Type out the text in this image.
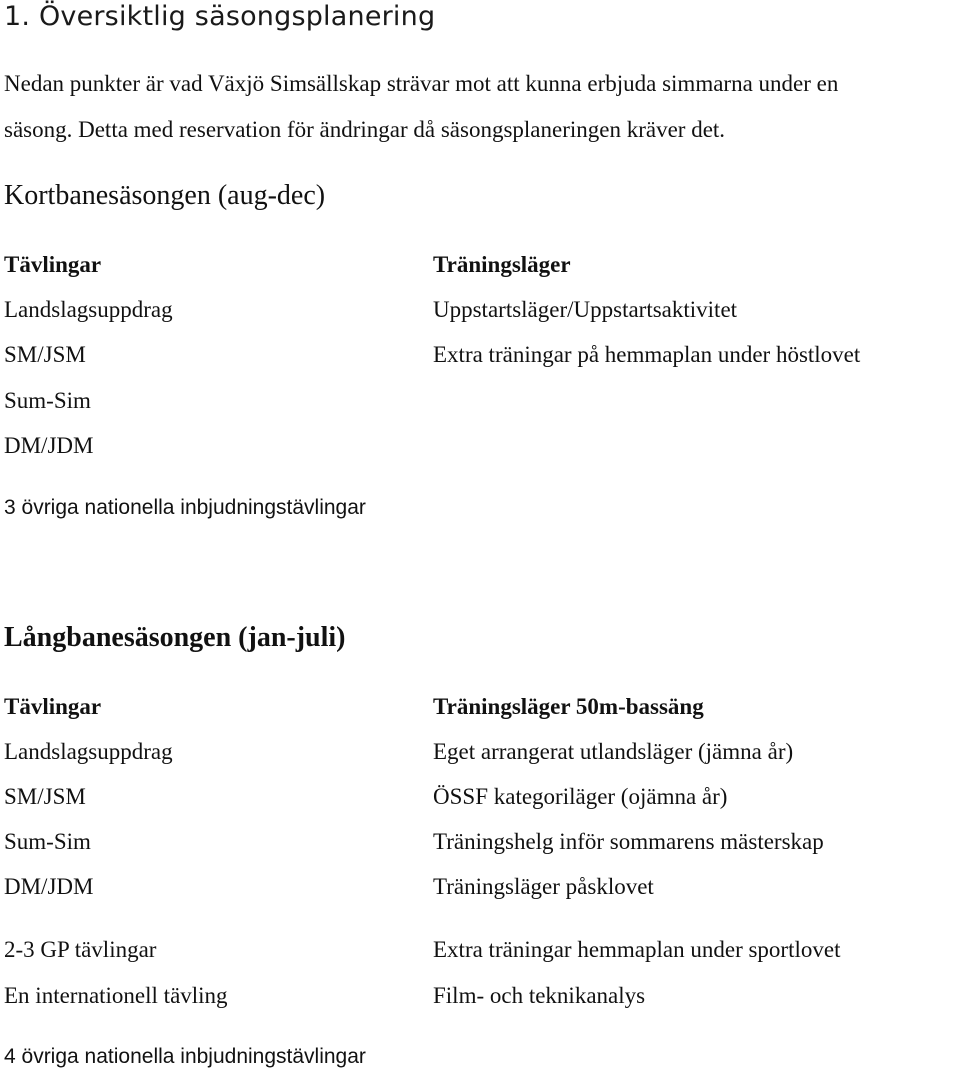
1. Översiktlig säsongsplanering

Nedan punkter är vad Växjö Simsällskap strävar mot att kunna erbjuda simmarna under en

säsong. Detta med reservation för ändringar då säsongsplaneringen kräver det.

Kortbanesäsongen (aug-dec)
Tävlingar
Landslagsuppdrag
SM/JSM
Sum-Sim
DM/JDM
Träningsläger
Uppstartsläger/Uppstartsaktivitet
Extra träningar på hemmaplan under höstlovet
3 övriga nationella inbjudningstävlingar
Långbanesäsongen (jan-juli)
Tävlingar
Landslagsuppdrag
SM/JSM
Sum-Sim
DM/JDM
2-3 GP tävlingar
En internationell tävling
Träningsläger 50m-bassäng
Eget arrangerat utlandsläger (jämna år)
ÖSSF kategoriläger (ojämna år)
Träningshelg inför sommarens mästerskap
Träningsläger påsklovet
Extra träningar hemmaplan under sportlovet
Film- och teknikanalys
4 övriga nationella inbjudningstävlingar
